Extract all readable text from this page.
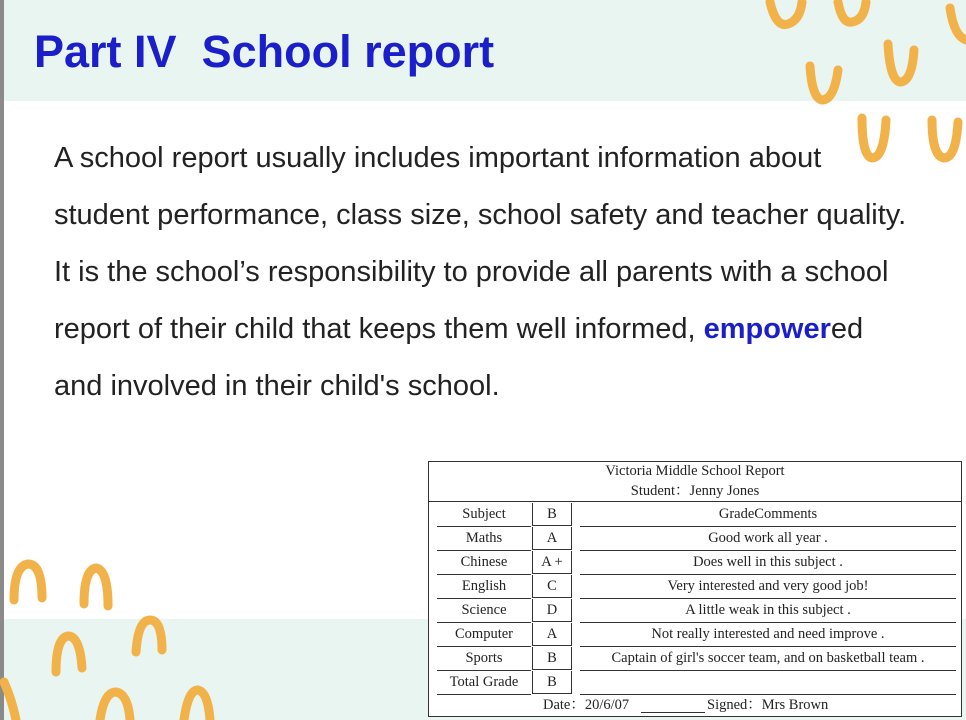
Part IV  School report

A school report usually includes important information about student performance, class size, school safety and teacher quality. It is the school’s responsibility to provide all parents with a school report of their child that keeps them well informed, empowered and involved in their child's school.

Victoria Middle School Report
Student：Jenny Jones
Subject	B	GradeComments
Maths	A	Good work all year .
Chinese	A +	Does well in this subject .
English	C	Very interested and very good job!
Science	D	A little weak in this subject .
Computer	A	Not really interested and need improve .
Sports	B	Captain of girl's soccer team, and on basketball team .
Total Grade	B
Date：20/6/07	Signed：Mrs Brown
